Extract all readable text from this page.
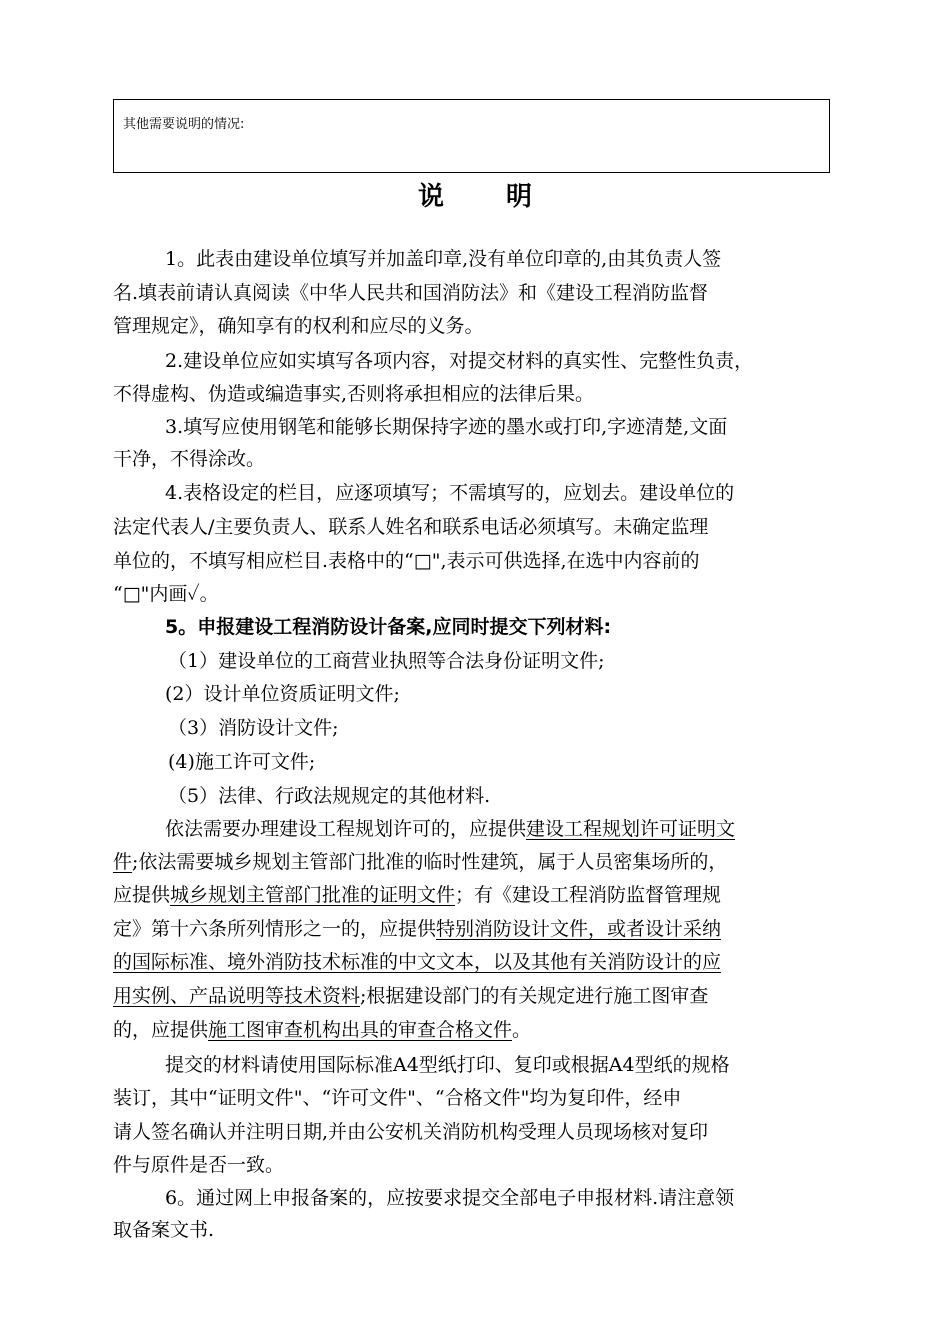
其他需要说明的情况:
说明
1。此表由建设单位填写并加盖印章,没有单位印章的,由其负责人签
名.填表前请认真阅读《中华人民共和国消防法》和《建设工程消防监督
管理规定》，确知享有的权利和应尽的义务。
2.建设单位应如实填写各项内容，对提交材料的真实性、完整性负责，
不得虚构、伪造或编造事实,否则将承担相应的法律后果。
3.填写应使用钢笔和能够长期保持字迹的墨水或打印,字迹清楚,文面
干净，不得涂改。
4.表格设定的栏目，应逐项填写；不需填写的，应划去。建设单位的
法定代表人/主要负责人、联系人姓名和联系电话必须填写。未确定监理
单位的，不填写相应栏目.表格中的“□",表示可供选择,在选中内容前的
“□"内画✓。
5。申报建设工程消防设计备案,应同时提交下列材料:
（1）建设单位的工商营业执照等合法身份证明文件;
(2）设计单位资质证明文件;
（3）消防设计文件;
(4)施工许可文件;
（5）法律、行政法规规定的其他材料.
依法需要办理建设工程规划许可的，应提供建设工程规划许可证明文
件;依法需要城乡规划主管部门批准的临时性建筑，属于人员密集场所的，
应提供城乡规划主管部门批准的证明文件；有《建设工程消防监督管理规
定》第十六条所列情形之一的，应提供特别消防设计文件，或者设计采纳
的国际标准、境外消防技术标准的中文文本，以及其他有关消防设计的应
用实例、产品说明等技术资料;根据建设部门的有关规定进行施工图审查
的，应提供施工图审查机构出具的审查合格文件。
提交的材料请使用国际标准A4型纸打印、复印或根据A4型纸的规格
装订，其中“证明文件"、“许可文件"、“合格文件"均为复印件，经申
请人签名确认并注明日期,并由公安机关消防机构受理人员现场核对复印
件与原件是否一致。
6。通过网上申报备案的，应按要求提交全部电子申报材料.请注意领
取备案文书.
